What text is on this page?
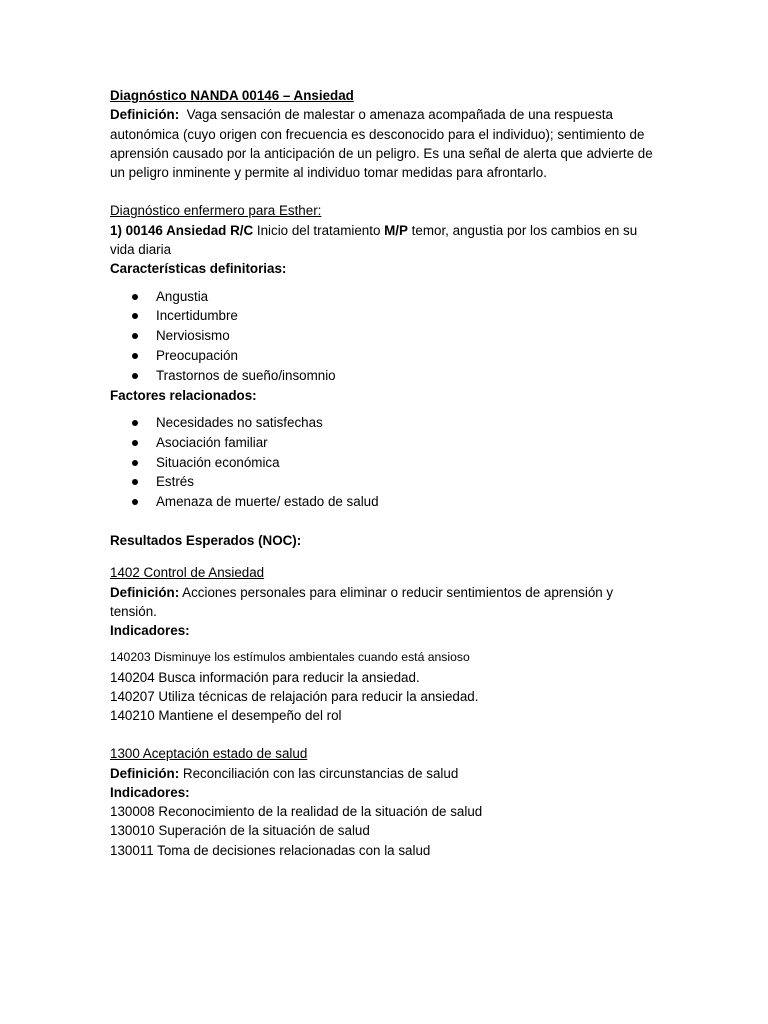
Diagnóstico NANDA 00146 – Ansiedad

Definición:  Vaga sensación de malestar o amenaza acompañada de una respuesta autonómica (cuyo origen con frecuencia es desconocido para el individuo); sentimiento de aprensión causado por la anticipación de un peligro. Es una señal de alerta que advierte de un peligro inminente y permite al individuo tomar medidas para afrontarlo.

Diagnóstico enfermero para Esther:

1) 00146 Ansiedad R/C Inicio del tratamiento M/P temor, angustia por los cambios en su vida diaria

Características definitorias:

Angustia
Incertidumbre
Nerviosismo
Preocupación
Trastornos de sueño/insomnio

Factores relacionados:

Necesidades no satisfechas
Asociación familiar
Situación económica
Estrés
Amenaza de muerte/ estado de salud

Resultados Esperados (NOC):

1402 Control de Ansiedad

Definición: Acciones personales para eliminar o reducir sentimientos de aprensión y tensión.

Indicadores:

140203 Disminuye los estímulos ambientales cuando está ansioso

140204 Busca información para reducir la ansiedad.

140207 Utiliza técnicas de relajación para reducir la ansiedad.

140210 Mantiene el desempeño del rol

1300 Aceptación estado de salud

Definición: Reconciliación con las circunstancias de salud

Indicadores:

130008 Reconocimiento de la realidad de la situación de salud

130010 Superación de la situación de salud

130011 Toma de decisiones relacionadas con la salud
